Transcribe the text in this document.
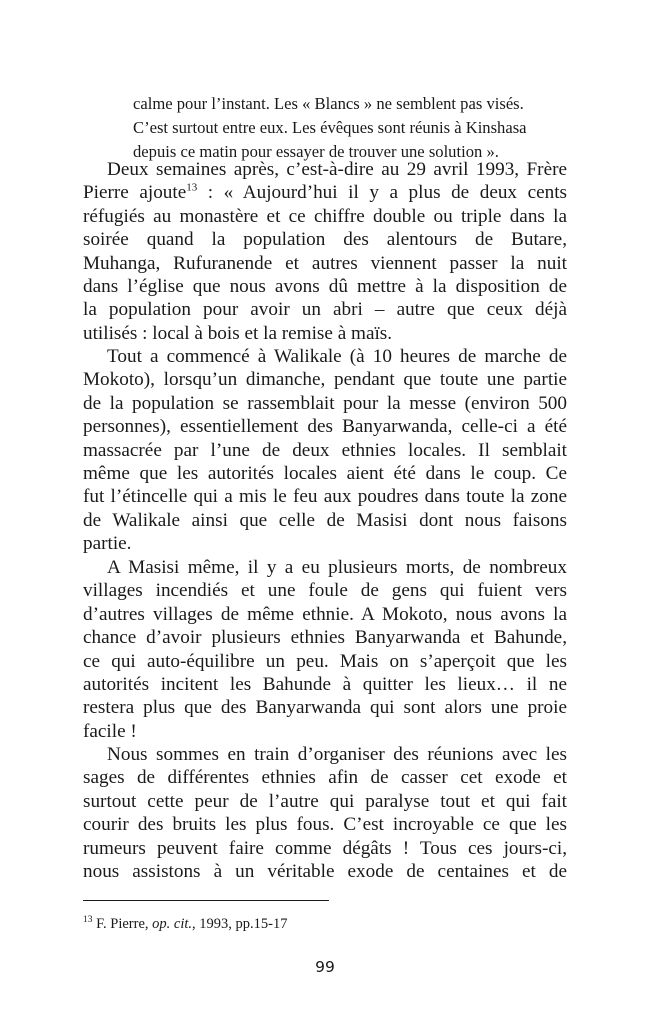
calme pour l’instant. Les « Blancs » ne semblent pas visés.
C’est surtout entre eux. Les évêques sont réunis à Kinshasa
depuis ce matin pour essayer de trouver une solution ».
Deux semaines après, c’est-à-dire au 29 avril 1993, Frère
Pierre ajoute$^{13}$ : « Aujourd’hui il y a plus de deux cents
réfugiés au monastère et ce chiffre double ou triple dans la
soirée quand la population des alentours de Butare,
Muhanga, Rufuranende et autres viennent passer la nuit
dans l’église que nous avons dû mettre à la disposition de
la population pour avoir un abri – autre que ceux déjà
utilisés : local à bois et la remise à maïs.
Tout a commencé à Walikale (à 10 heures de marche de
Mokoto), lorsqu’un dimanche, pendant que toute une partie
de la population se rassemblait pour la messe (environ 500
personnes), essentiellement des Banyarwanda, celle-ci a été
massacrée par l’une de deux ethnies locales. Il semblait
même que les autorités locales aient été dans le coup. Ce
fut l’étincelle qui a mis le feu aux poudres dans toute la zone
de Walikale ainsi que celle de Masisi dont nous faisons
partie.
A Masisi même, il y a eu plusieurs morts, de nombreux
villages incendiés et une foule de gens qui fuient vers
d’autres villages de même ethnie. A Mokoto, nous avons la
chance d’avoir plusieurs ethnies Banyarwanda et Bahunde,
ce qui auto-équilibre un peu. Mais on s’aperçoit que les
autorités incitent les Bahunde à quitter les lieux… il ne
restera plus que des Banyarwanda qui sont alors une proie
facile !
Nous sommes en train d’organiser des réunions avec les
sages de différentes ethnies afin de casser cet exode et
surtout cette peur de l’autre qui paralyse tout et qui fait
courir des bruits les plus fous. C’est incroyable ce que les
rumeurs peuvent faire comme dégâts ! Tous ces jours-ci,
nous assistons à un véritable exode de centaines et de
$^{13}$ F. Pierre, op. cit., 1993, pp.15-17
99
